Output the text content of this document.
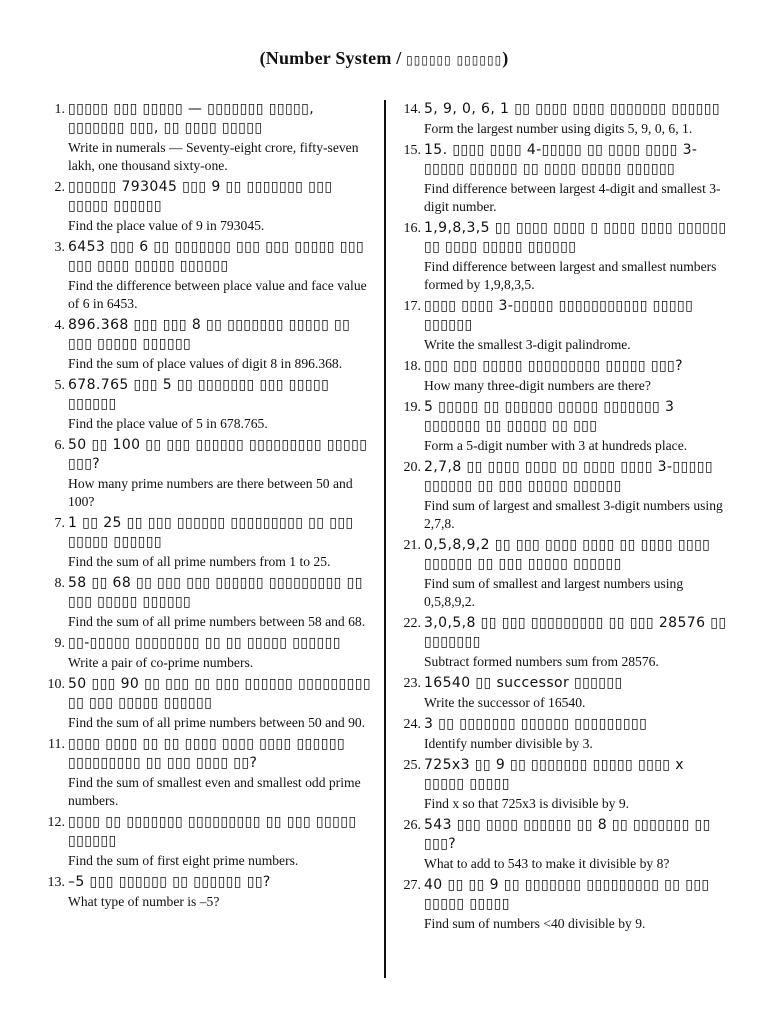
(Number System / ▯▯▯▯▯▯ ▯▯▯▯▯▯)
1. ▯▯▯▯▯ ▯▯▯ ▯▯▯▯▯ — ▯▯▯▯▯▯▯ ▯▯▯▯▯, ▯▯▯▯▯▯▯ ▯▯▯, ▯▯ ▯▯▯▯ ▯▯▯▯▯
Write in numerals — Seventy-eight crore, fifty-seven lakh, one thousand sixty-one.
2. ▯▯▯▯▯▯ 793045 ▯▯▯ 9 ▯▯ ▯▯▯▯▯▯▯ ▯▯▯ ▯▯▯▯▯ ▯▯▯▯▯▯
Find the place value of 9 in 793045.
3. 6453 ▯▯▯ 6 ▯▯ ▯▯▯▯▯▯▯ ▯▯▯ ▯▯▯ ▯▯▯▯▯ ▯▯▯ ▯▯▯ ▯▯▯▯ ▯▯▯▯▯ ▯▯▯▯▯▯
Find the difference between place value and face value of 6 in 6453.
4. 896.368 ▯▯▯ ▯▯▯ 8 ▯▯ ▯▯▯▯▯▯▯ ▯▯▯▯▯ ▯▯ ▯▯▯ ▯▯▯▯▯ ▯▯▯▯▯▯
Find the sum of place values of digit 8 in 896.368.
5. 678.765 ▯▯▯ 5 ▯▯ ▯▯▯▯▯▯▯ ▯▯▯ ▯▯▯▯▯ ▯▯▯▯▯▯
Find the place value of 5 in 678.765.
6. 50 ▯▯ 100 ▯▯ ▯▯▯ ▯▯▯▯▯▯ ▯▯▯▯▯▯▯▯▯ ▯▯▯▯▯ ▯▯▯?
How many prime numbers are there between 50 and 100?
7. 1 ▯▯ 25 ▯▯ ▯▯▯ ▯▯▯▯▯▯ ▯▯▯▯▯▯▯▯▯ ▯▯ ▯▯▯ ▯▯▯▯▯ ▯▯▯▯▯▯
Find the sum of all prime numbers from 1 to 25.
8. 58 ▯▯ 68 ▯▯ ▯▯▯ ▯▯▯ ▯▯▯▯▯▯ ▯▯▯▯▯▯▯▯▯ ▯▯ ▯▯▯ ▯▯▯▯▯ ▯▯▯▯▯▯
Find the sum of all prime numbers between 58 and 68.
9. ▯▯-▯▯▯▯▯ ▯▯▯▯▯▯▯▯ ▯▯ ▯▯ ▯▯▯▯▯ ▯▯▯▯▯▯
Write a pair of co-prime numbers.
10. 50 ▯▯▯ 90 ▯▯ ▯▯▯ ▯▯ ▯▯▯ ▯▯▯▯▯▯ ▯▯▯▯▯▯▯▯▯ ▯▯ ▯▯▯ ▯▯▯▯▯ ▯▯▯▯▯▯
Find the sum of all prime numbers between 50 and 90.
11. ▯▯▯▯ ▯▯▯▯ ▯▯ ▯▯ ▯▯▯▯ ▯▯▯▯ ▯▯▯▯ ▯▯▯▯▯▯ ▯▯▯▯▯▯▯▯▯ ▯▯ ▯▯▯ ▯▯▯▯ ▯▯?
Find the sum of smallest even and smallest odd prime numbers.
12. ▯▯▯▯ ▯▯ ▯▯▯▯▯▯▯ ▯▯▯▯▯▯▯▯▯ ▯▯ ▯▯▯ ▯▯▯▯▯ ▯▯▯▯▯▯
Find the sum of first eight prime numbers.
13. –5 ▯▯▯ ▯▯▯▯▯▯ ▯▯ ▯▯▯▯▯▯ ▯▯?
What type of number is –5?
14. 5, 9, 0, 6, 1 ▯▯ ▯▯▯▯ ▯▯▯▯ ▯▯▯▯▯▯▯ ▯▯▯▯▯▯
Form the largest number using digits 5, 9, 0, 6, 1.
15. 15. ▯▯▯▯ ▯▯▯▯ 4-▯▯▯▯▯ ▯▯ ▯▯▯▯ ▯▯▯▯ 3-▯▯▯▯▯ ▯▯▯▯▯▯ ▯▯ ▯▯▯▯ ▯▯▯▯▯ ▯▯▯▯▯▯
Find difference between largest 4-digit and smallest 3-digit number.
16. 1,9,8,3,5 ▯▯ ▯▯▯▯ ▯▯▯▯ ▯ ▯▯▯▯ ▯▯▯▯ ▯▯▯▯▯▯ ▯▯ ▯▯▯▯ ▯▯▯▯▯ ▯▯▯▯▯▯
Find difference between largest and smallest numbers formed by 1,9,8,3,5.
17. ▯▯▯▯ ▯▯▯▯ 3-▯▯▯▯▯ ▯▯▯▯▯▯▯▯▯▯▯ ▯▯▯▯▯ ▯▯▯▯▯▯
Write the smallest 3-digit palindrome.
18. ▯▯▯ ▯▯▯ ▯▯▯▯▯ ▯▯▯▯▯▯▯▯▯ ▯▯▯▯▯ ▯▯▯?
How many three-digit numbers are there?
19. 5 ▯▯▯▯▯ ▯▯ ▯▯▯▯▯▯ ▯▯▯▯▯ ▯▯▯▯▯▯▯ 3 ▯▯▯▯▯▯▯ ▯▯ ▯▯▯▯▯ ▯▯ ▯▯▯
Form a 5-digit number with 3 at hundreds place.
20. 2,7,8 ▯▯ ▯▯▯▯ ▯▯▯▯ ▯▯ ▯▯▯▯ ▯▯▯▯ 3-▯▯▯▯▯ ▯▯▯▯▯▯ ▯▯ ▯▯▯ ▯▯▯▯▯ ▯▯▯▯▯▯
Find sum of largest and smallest 3-digit numbers using 2,7,8.
21. 0,5,8,9,2 ▯▯ ▯▯▯ ▯▯▯▯ ▯▯▯▯ ▯▯ ▯▯▯▯ ▯▯▯▯ ▯▯▯▯▯▯ ▯▯ ▯▯▯ ▯▯▯▯▯ ▯▯▯▯▯▯
Find sum of smallest and largest numbers using 0,5,8,9,2.
22. 3,0,5,8 ▯▯ ▯▯▯ ▯▯▯▯▯▯▯▯▯ ▯▯ ▯▯▯ 28576 ▯▯ ▯▯▯▯▯▯▯
Subtract formed numbers sum from 28576.
23. 16540 ▯▯ successor ▯▯▯▯▯▯
Write the successor of 16540.
24. 3 ▯▯ ▯▯▯▯▯▯▯ ▯▯▯▯▯▯ ▯▯▯▯▯▯▯▯▯
Identify number divisible by 3.
25. 725x3 ▯▯ 9 ▯▯ ▯▯▯▯▯▯▯ ▯▯▯▯▯ ▯▯▯▯ x ▯▯▯▯▯ ▯▯▯▯▯
Find x so that 725x3 is divisible by 9.
26. 543 ▯▯▯ ▯▯▯▯ ▯▯▯▯▯▯ ▯▯ 8 ▯▯ ▯▯▯▯▯▯▯ ▯▯ ▯▯▯?
What to add to 543 to make it divisible by 8?
27. 40 ▯▯ ▯▯ 9 ▯▯ ▯▯▯▯▯▯▯ ▯▯▯▯▯▯▯▯▯ ▯▯ ▯▯▯ ▯▯▯▯▯ ▯▯▯▯▯
Find sum of numbers <40 divisible by 9.
